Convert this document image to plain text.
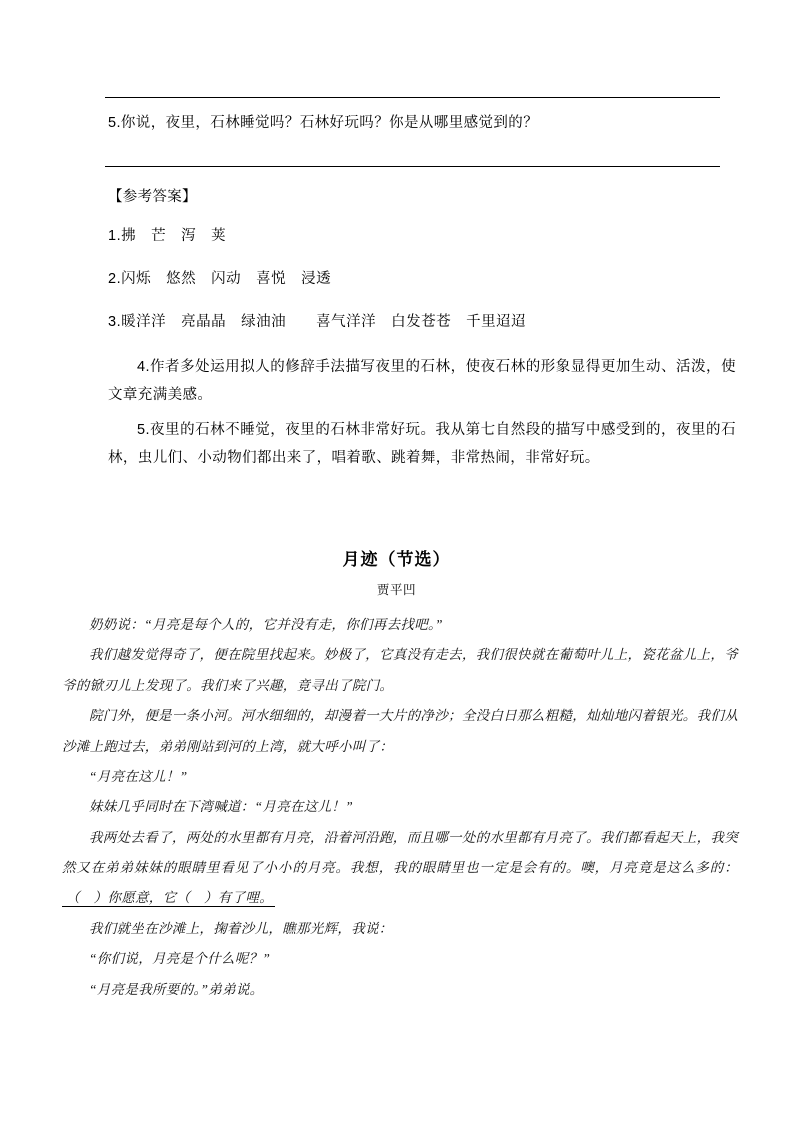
5.你说，夜里，石林睡觉吗？石林好玩吗？你是从哪里感觉到的？

【参考答案】

1.拂　芒　泻　荚

2.闪烁　悠然　闪动　喜悦　浸透

3.暖洋洋　亮晶晶　绿油油　　喜气洋洋　白发苍苍　千里迢迢

4.作者多处运用拟人的修辞手法描写夜里的石林，使夜石林的形象显得更加生动、活泼，使文章充满美感。

5.夜里的石林不睡觉，夜里的石林非常好玩。我从第七自然段的描写中感受到的，夜里的石林，虫儿们、小动物们都出来了，唱着歌、跳着舞，非常热闹，非常好玩。

月迹（节选）
贾平凹

奶奶说：“月亮是每个人的，它并没有走，你们再去找吧。”

我们越发觉得奇了，便在院里找起来。妙极了，它真没有走去，我们很快就在葡萄叶儿上，瓷花盆儿上，爷爷的锨刃儿上发现了。我们来了兴趣，竟寻出了院门。

院门外，便是一条小河。河水细细的，却漫着一大片的净沙；全没白日那么粗糙，灿灿地闪着银光。我们从沙滩上跑过去，弟弟刚站到河的上湾，就大呼小叫了：

“月亮在这儿！”

妹妹几乎同时在下湾喊道：“月亮在这儿！”

我两处去看了，两处的水里都有月亮，沿着河沿跑，而且哪一处的水里都有月亮了。我们都看起天上，我突然又在弟弟妹妹的眼睛里看见了小小的月亮。我想，我的眼睛里也一定是会有的。噢，月亮竟是这么多的：（　）你愿意，它（　）有了哩。

我们就坐在沙滩上，掬着沙儿，瞧那光辉，我说：

“你们说，月亮是个什么呢？”

“月亮是我所要的。”弟弟说。
